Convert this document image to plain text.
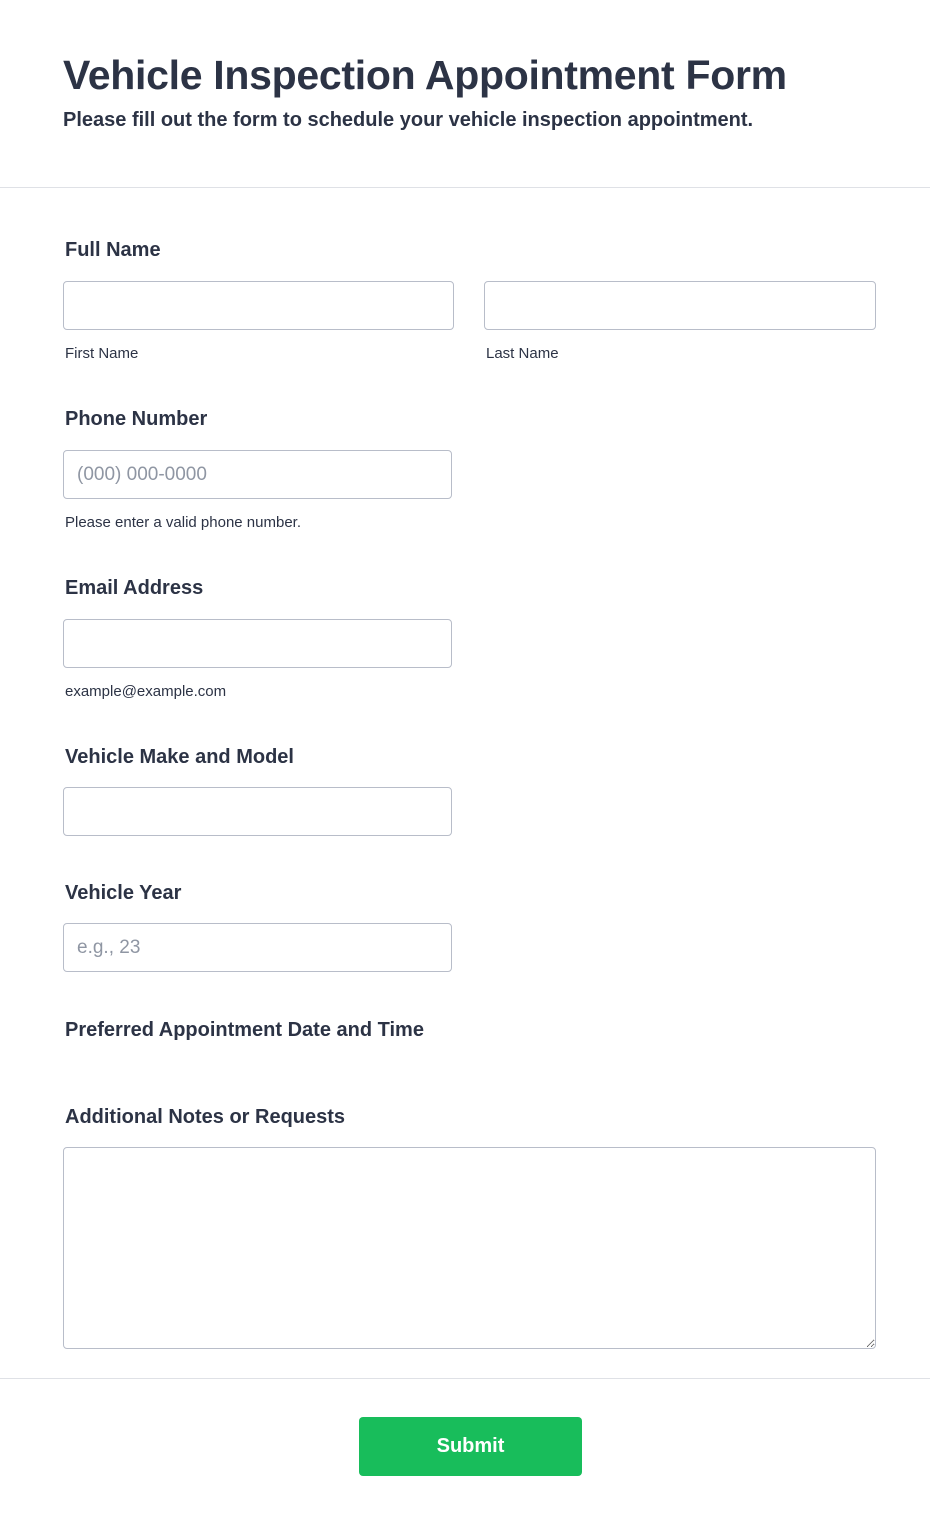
Vehicle Inspection Appointment Form
Please fill out the form to schedule your vehicle inspection appointment.
Full Name
First Name	Last Name
Phone Number
(000) 000-0000
Please enter a valid phone number.
Email Address
example@example.com
Vehicle Make and Model
Vehicle Year
e.g., 23
Preferred Appointment Date and Time
Additional Notes or Requests
Submit
